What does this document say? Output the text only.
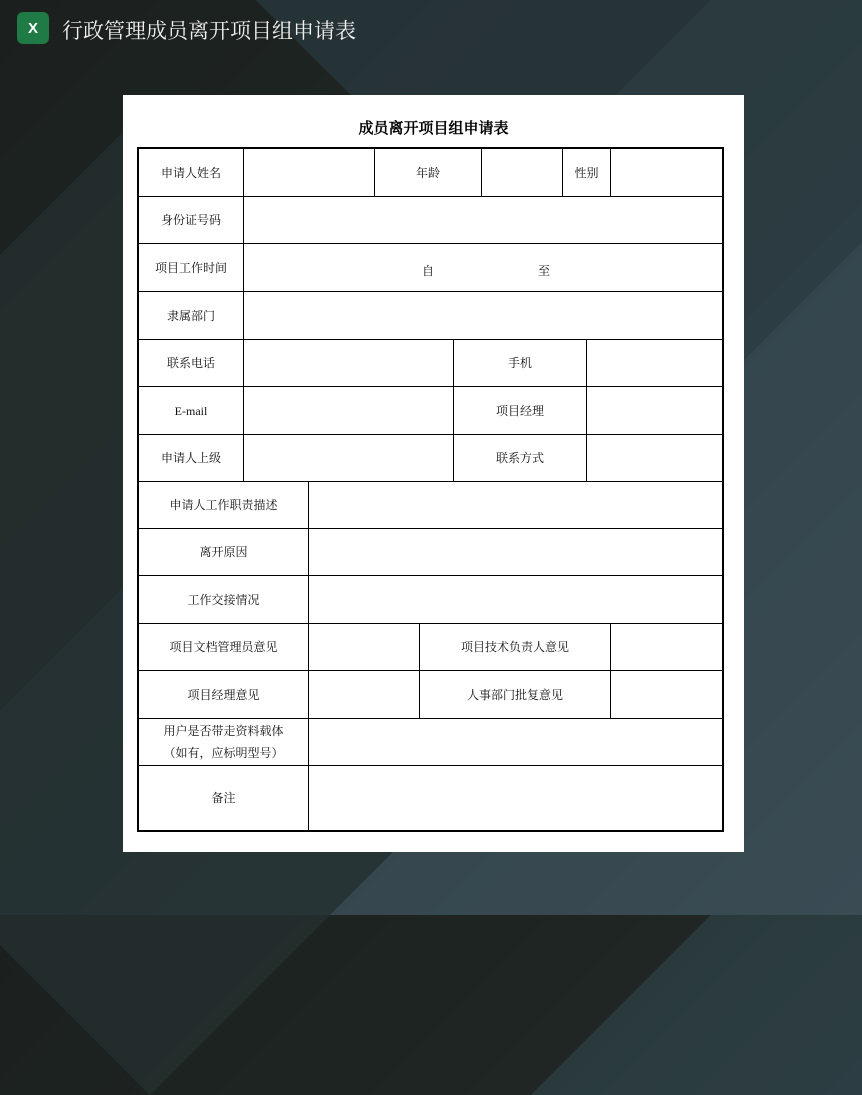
X	行政管理成员离开项目组申请表
成员离开项目组申请表
申请人姓名	年龄	性别
身份证号码
项目工作时间	自	至
隶属部门
联系电话	手机
E-mail	项目经理
申请人上级	联系方式
申请人工作职责描述
离开原因
工作交接情况
项目文档管理员意见	项目技术负责人意见
项目经理意见	人事部门批复意见
用户是否带走资料载体
（如有，应标明型号）
备注
